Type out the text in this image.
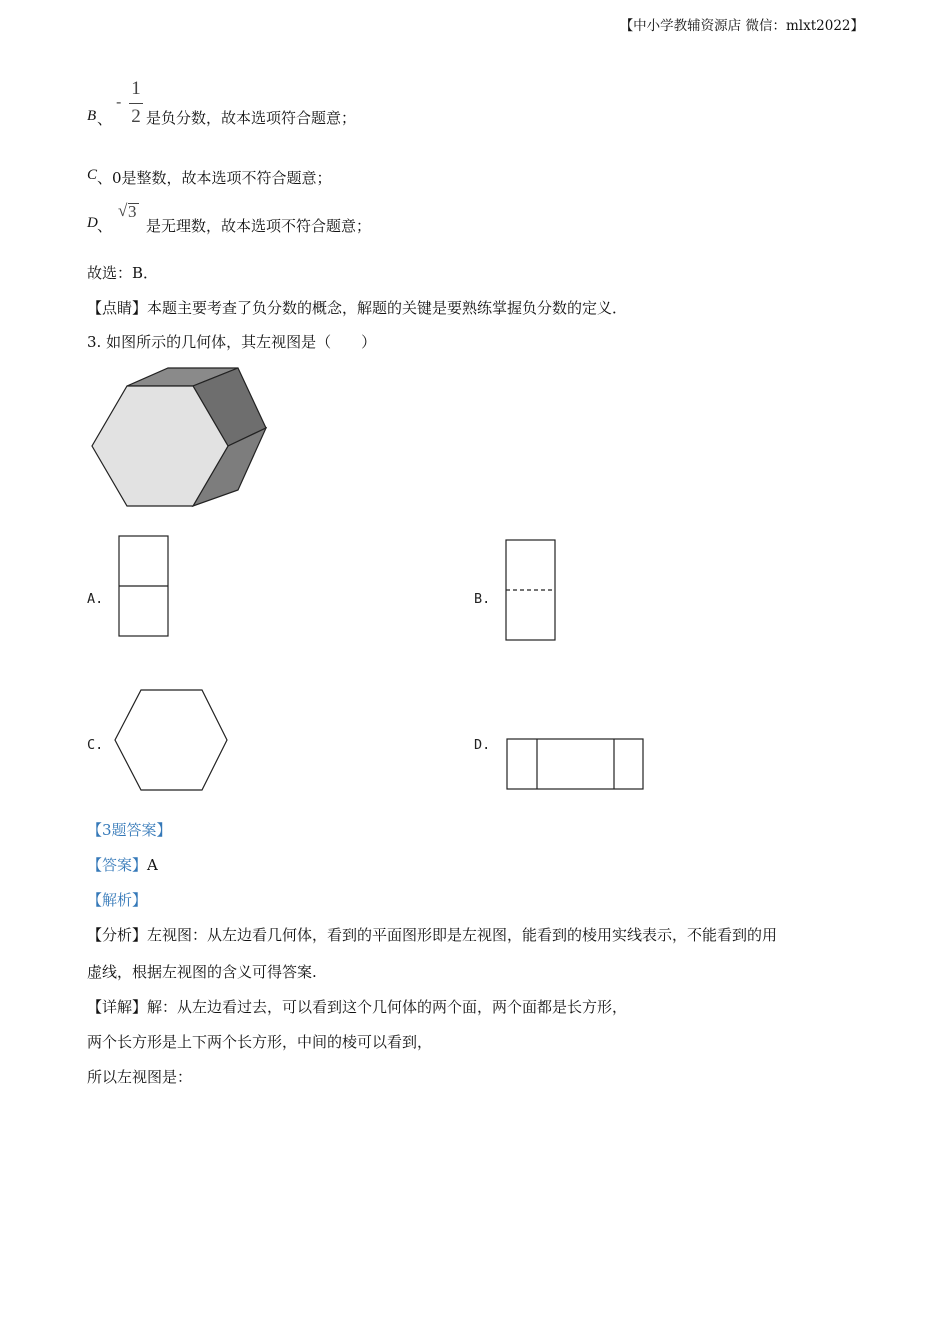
【中小学教辅资源店 微信：mlxt2022】
B 、
-
1
2 是负分数，故本选项符合题意；
C 、0是整数，故本选项不符合题意；
D 、
√ 3
是无理数，故本选项不符合题意；
故选：B．
【点睛】本题主要考查了负分数的概念，解题的关键是要熟练掌握负分数的定义．
3. 如图所示的几何体，其左视图是（　　）
A.	B.
C.	D.
【3题答案】
【答案】A
【解析】
【分析】左视图：从左边看几何体，看到的平面图形即是左视图，能看到的棱用实线表示，不能看到的用
虚线，根据左视图的含义可得答案.
【详解】解：从左边看过去，可以看到这个几何体的两个面，两个面都是长方形，
两个长方形是上下两个长方形，中间的棱可以看到，
所以左视图是：
